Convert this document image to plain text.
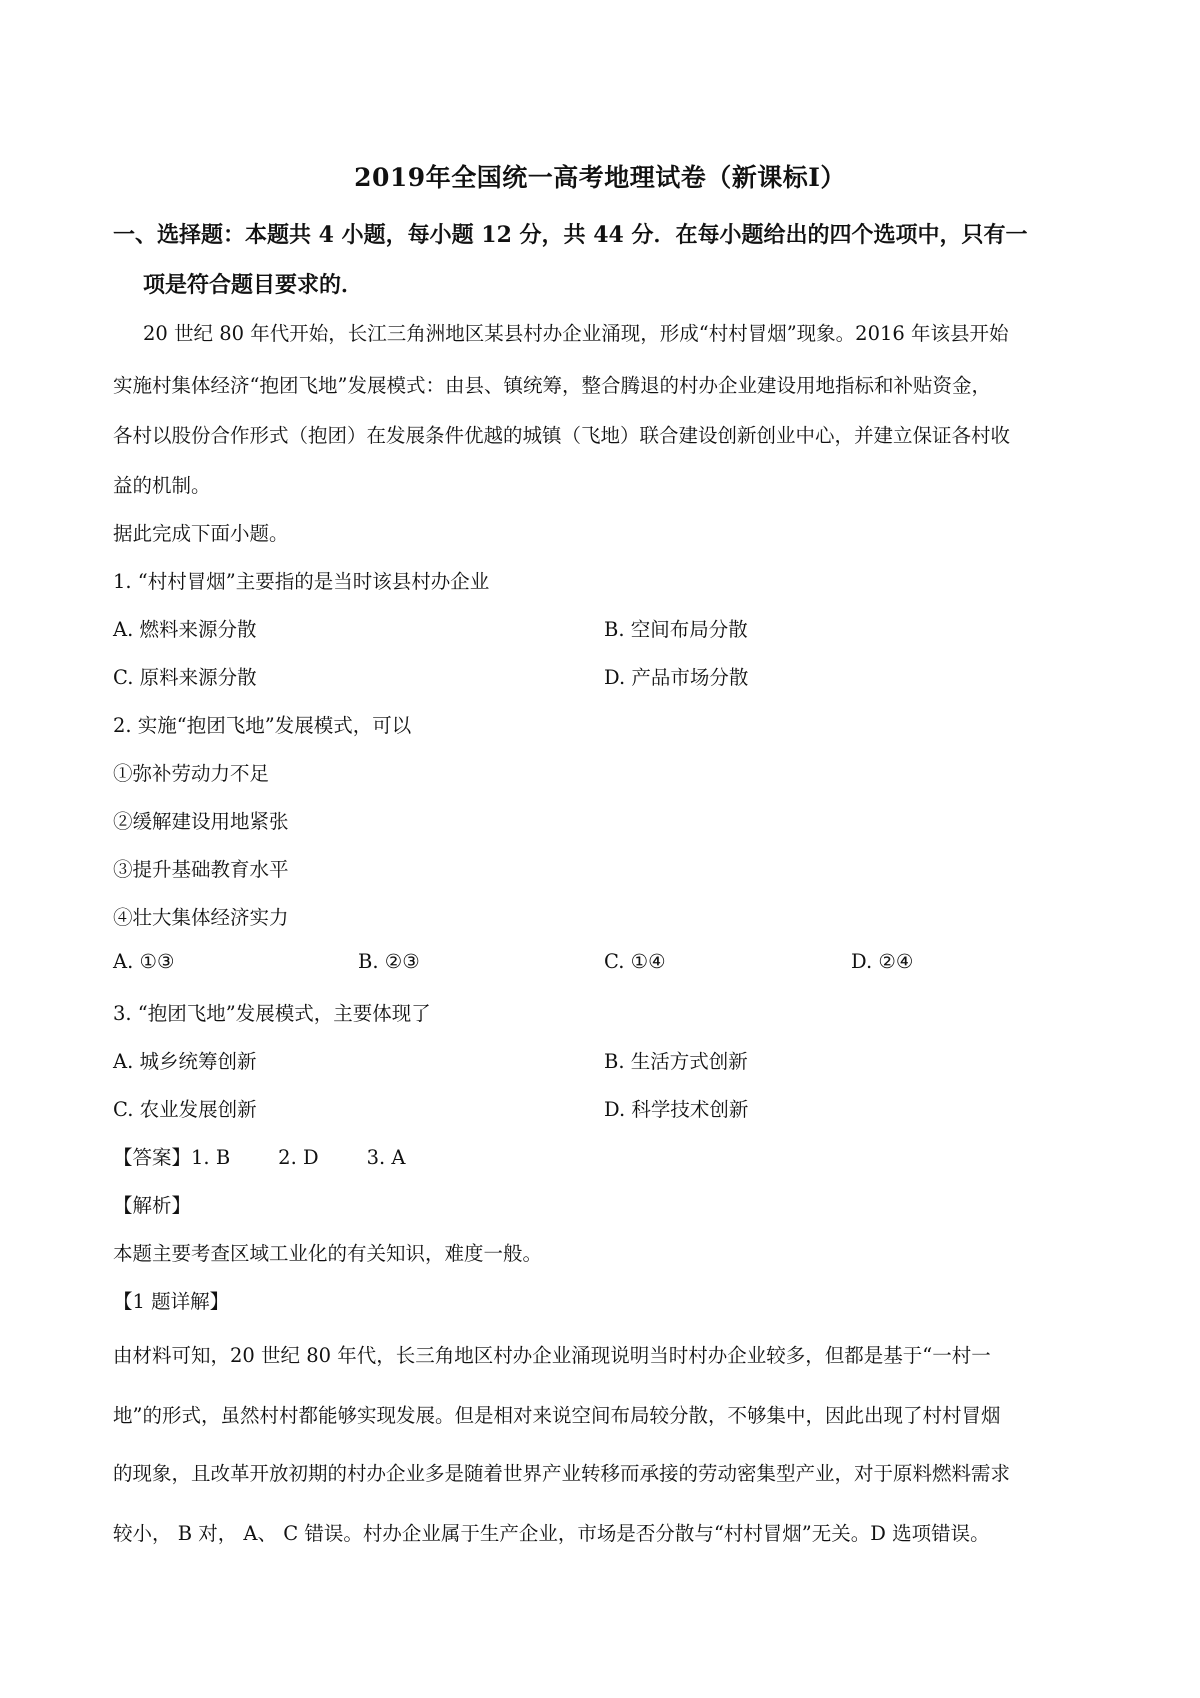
2019年全国统一高考地理试卷（新课标I）
一、选择题：本题共 4 小题，每小题 12 分，共 44 分．在每小题给出的四个选项中，只有一
项是符合题目要求的．
20 世纪 80 年代开始，长江三角洲地区某县村办企业涌现，形成“村村冒烟”现象。2016 年该县开始
实施村集体经济“抱团飞地”发展模式：由县、镇统筹，整合腾退的村办企业建设用地指标和补贴资金，
各村以股份合作形式（抱团）在发展条件优越的城镇（飞地）联合建设创新创业中心，并建立保证各村收
益的机制。
据此完成下面小题。
1. “村村冒烟”主要指的是当时该县村办企业
A. 燃料来源分散	B. 空间布局分散
C. 原料来源分散	D. 产品市场分散
2. 实施“抱团飞地”发展模式，可以
①弥补劳动力不足
②缓解建设用地紧张
③提升基础教育水平
④壮大集体经济实力
A. ①③	B. ②③	C. ①④	D. ②④
3. “抱团飞地”发展模式，主要体现了
A. 城乡统筹创新	B. 生活方式创新
C. 农业发展创新	D. 科学技术创新
【答案】1. B 2. D 3. A
【解析】
本题主要考查区域工业化的有关知识，难度一般。
【1 题详解】
由材料可知，20 世纪 80 年代，长三角地区村办企业涌现说明当时村办企业较多，但都是基于“一村一
地”的形式，虽然村村都能够实现发展。但是相对来说空间布局较分散，不够集中，因此出现了村村冒烟
的现象，且改革开放初期的村办企业多是随着世界产业转移而承接的劳动密集型产业，对于原料燃料需求
较小， B 对， A、 C 错误。村办企业属于生产企业，市场是否分散与“村村冒烟”无关。D 选项错误。
